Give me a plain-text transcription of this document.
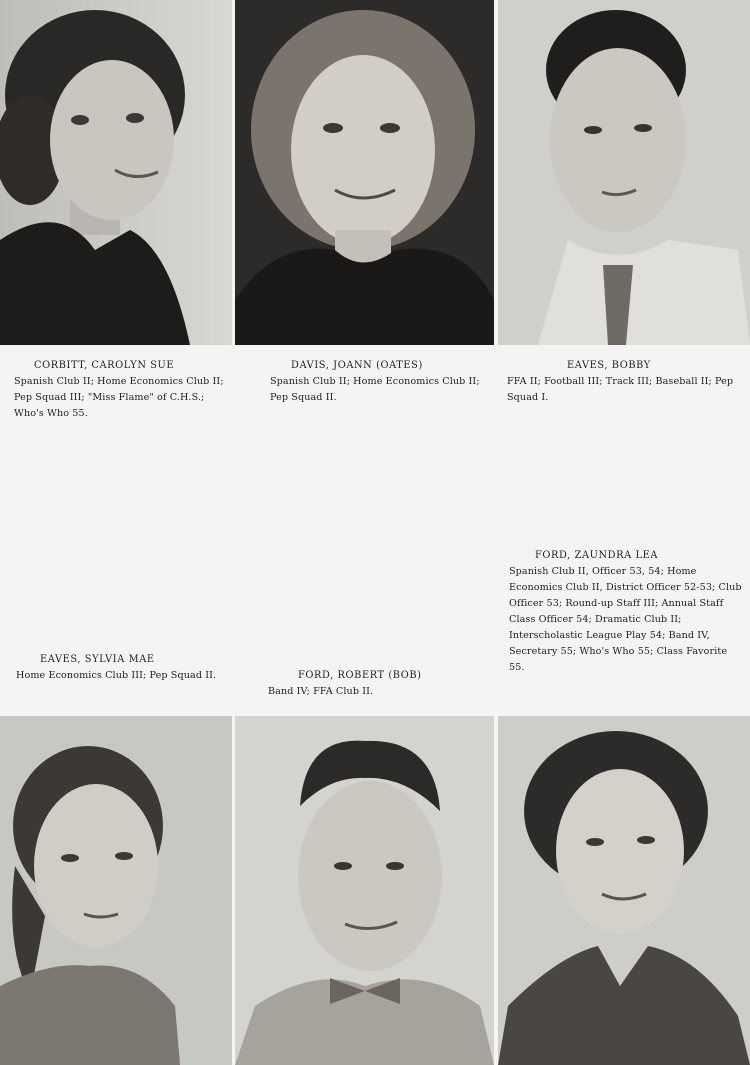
CORBITT, CAROLYN SUE
Spanish Club II; Home Economics Club II; Pep Squad III; "Miss Flame" of C.H.S.; Who's Who 55.
DAVIS, JOANN (OATES)
Spanish Club II; Home Economics Club II; Pep Squad II.
EAVES, BOBBY
FFA II; Football III; Track III; Baseball II; Pep Squad I.
FORD, ZAUNDRA LEA
Spanish Club II, Officer 53, 54; Home Economics Club II, District Officer 52-53; Club Officer 53; Round-up Staff III; Annual Staff Class Officer 54; Dramatic Club II; Interscholastic League Play 54; Band IV, Secretary 55; Who's Who 55; Class Favorite 55.
EAVES, SYLVIA MAE
Home Economics Club III; Pep Squad II.	FORD, ROBERT (BOB)
Band IV; FFA Club II.
